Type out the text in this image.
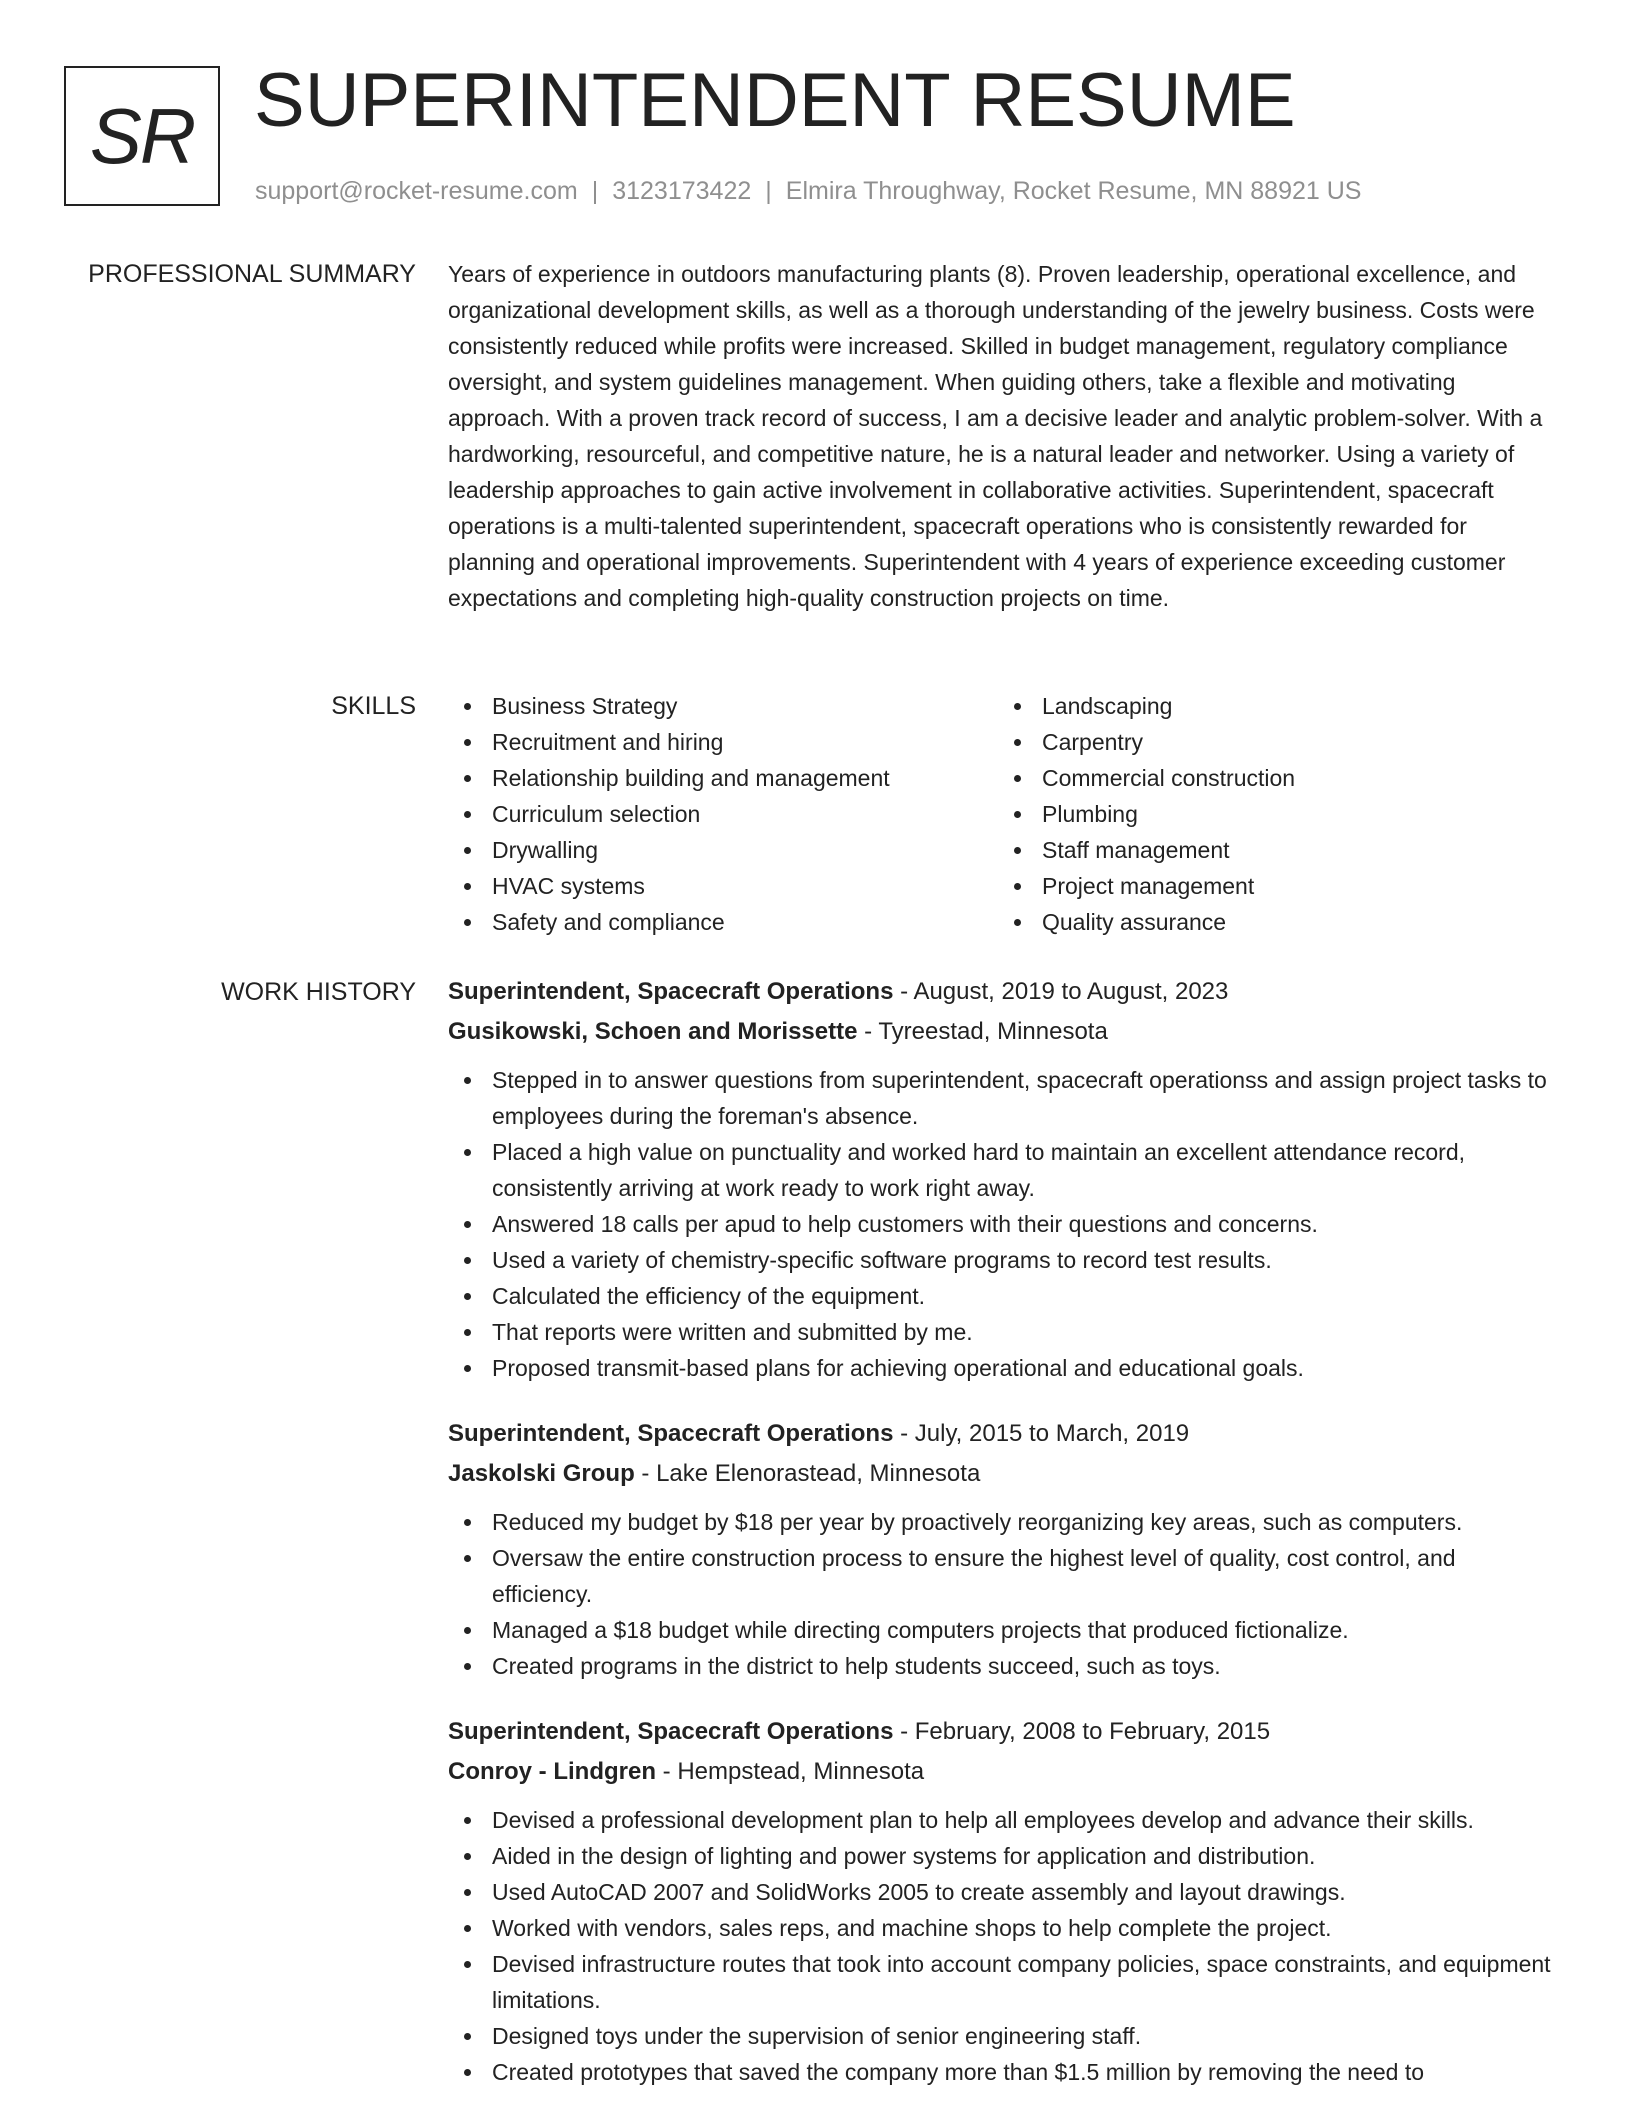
SR SUPERINTENDENT RESUME
support@rocket-resume.com | 3123173422 | Elmira Throughway, Rocket Resume, MN 88921 US
PROFESSIONAL SUMMARY Years of experience in outdoors manufacturing plants (8). Proven leadership, operational excellence, and organizational development skills, as well as a thorough understanding of the jewelry business. Costs were consistently reduced while profits were increased. Skilled in budget management, regulatory compliance oversight, and system guidelines management. When guiding others, take a flexible and motivating approach. With a proven track record of success, I am a decisive leader and analytic problem-solver. With a hardworking, resourceful, and competitive nature, he is a natural leader and networker. Using a variety of leadership approaches to gain active involvement in collaborative activities. Superintendent, spacecraft operations is a multi-talented superintendent, spacecraft operations who is consistently rewarded for planning and operational improvements. Superintendent with 4 years of experience exceeding customer expectations and completing high-quality construction projects on time.

SKILLS	Business Strategy
Recruitment and hiring
Relationship building and management
Curriculum selection
Drywalling
HVAC systems
Safety and compliance
Landscaping
Carpentry
Commercial construction
Plumbing
Staff management
Project management
Quality assurance
WORK HISTORY Superintendent, Spacecraft Operations - August, 2019 to August, 2023
Gusikowski, Schoen and Morissette - Tyreestad, Minnesota
Stepped in to answer questions from superintendent, spacecraft operationss and assign project tasks to employees during the foreman's absence.
Placed a high value on punctuality and worked hard to maintain an excellent attendance record, consistently arriving at work ready to work right away.
Answered 18 calls per apud to help customers with their questions and concerns.
Used a variety of chemistry-specific software programs to record test results.
Calculated the efficiency of the equipment.
That reports were written and submitted by me.
Proposed transmit-based plans for achieving operational and educational goals.
Superintendent, Spacecraft Operations - July, 2015 to March, 2019
Jaskolski Group - Lake Elenorastead, Minnesota
Reduced my budget by $18 per year by proactively reorganizing key areas, such as computers.
Oversaw the entire construction process to ensure the highest level of quality, cost control, and efficiency.
Managed a $18 budget while directing computers projects that produced fictionalize.
Created programs in the district to help students succeed, such as toys.
Superintendent, Spacecraft Operations - February, 2008 to February, 2015
Conroy - Lindgren - Hempstead, Minnesota
Devised a professional development plan to help all employees develop and advance their skills.
Aided in the design of lighting and power systems for application and distribution.
Used AutoCAD 2007 and SolidWorks 2005 to create assembly and layout drawings.
Worked with vendors, sales reps, and machine shops to help complete the project.
Devised infrastructure routes that took into account company policies, space constraints, and equipment limitations.
Designed toys under the supervision of senior engineering staff.
Created prototypes that saved the company more than $1.5 million by removing the need to
